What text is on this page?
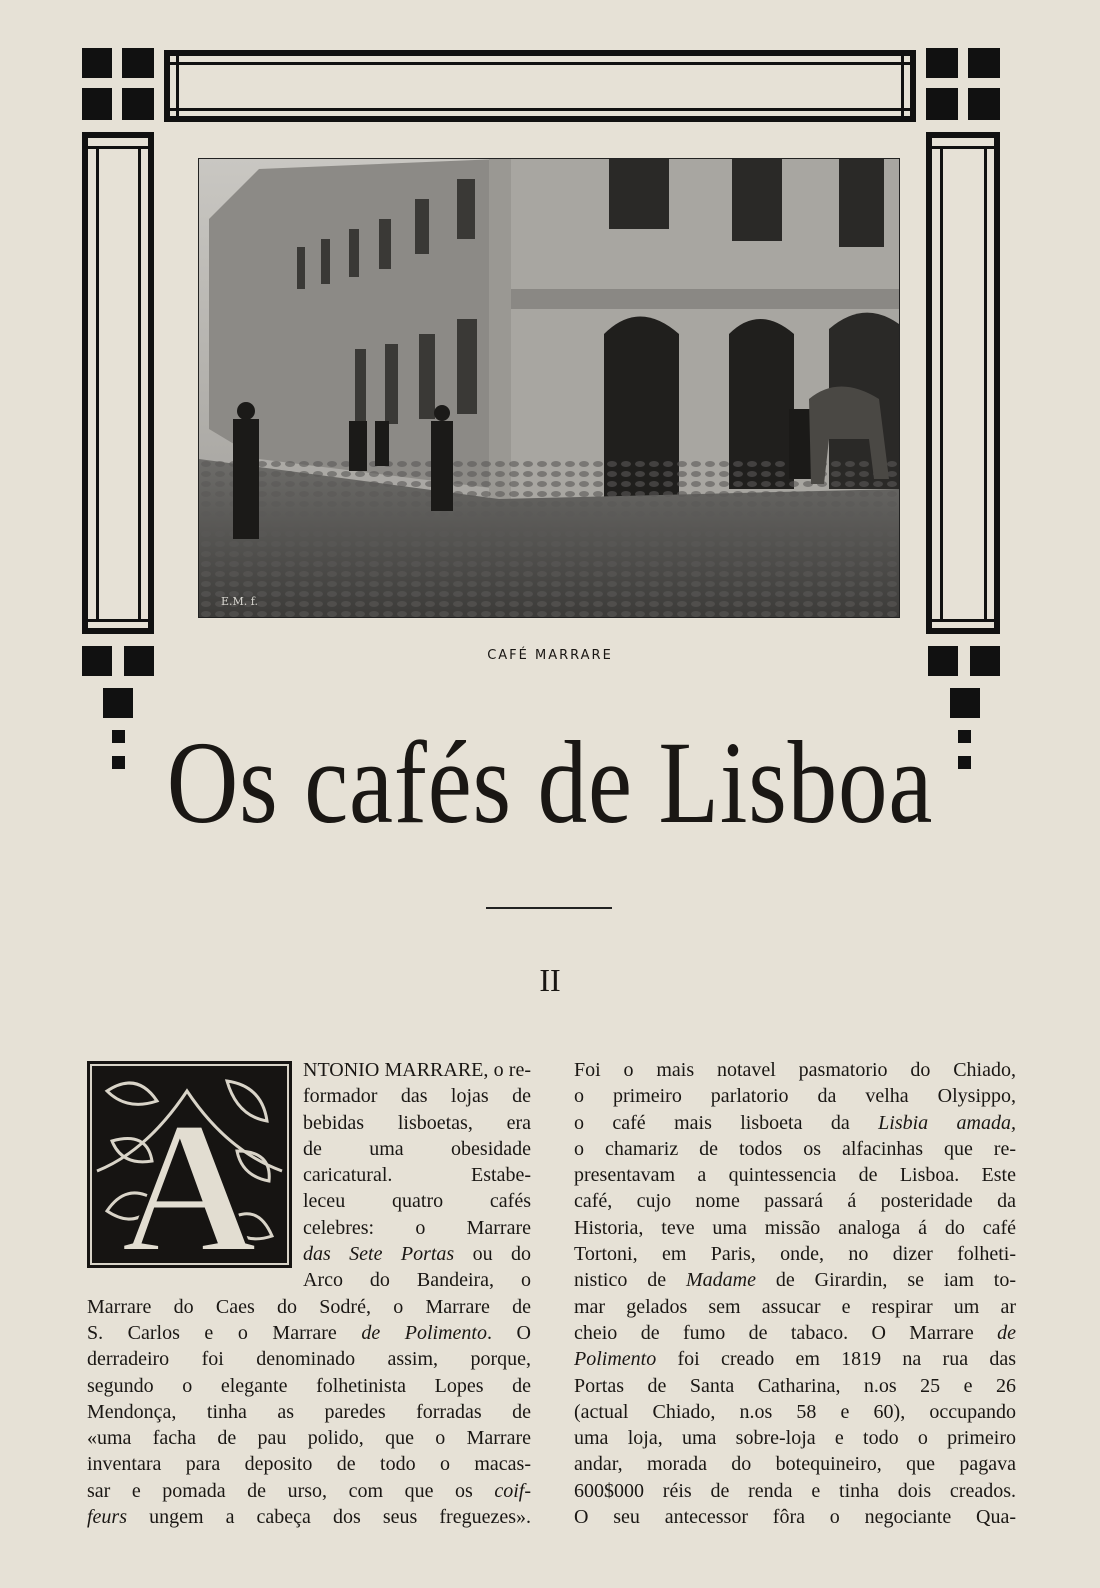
E.M. f.
CAFÉ MARRARE
Os cafés de Lisboa
II
A
NTONIO MARRARE, o re-
formador das lojas de
bebidas lisboetas, era
de uma obesidade
caricatural. Estabe-
leceu quatro cafés
celebres: o Marrare
das Sete Portas ou do
Arco do Bandeira, o
Marrare do Caes do Sodré, o Marrare de
S. Carlos e o Marrare de Polimento. O
derradeiro foi denominado assim, porque,
segundo o elegante folhetinista Lopes de
Mendonça, tinha as paredes forradas de
«uma facha de pau polido, que o Marrare
inventara para deposito de todo o macas-
sar e pomada de urso, com que os coif-
feurs ungem a cabeça dos seus freguezes».
Foi o mais notavel pasmatorio do Chiado,
o primeiro parlatorio da velha Olysippo,
o café mais lisboeta da Lisbia amada,
o chamariz de todos os alfacinhas que re-
presentavam a quintessencia de Lisboa. Este
café, cujo nome passará á posteridade da
Historia, teve uma missão analoga á do café
Tortoni, em Paris, onde, no dizer folheti-
nistico de Madame de Girardin, se iam to-
mar gelados sem assucar e respirar um ar
cheio de fumo de tabaco. O Marrare de
Polimento foi creado em 1819 na rua das
Portas de Santa Catharina, n.os 25 e 26
(actual Chiado, n.os 58 e 60), occupando
uma loja, uma sobre-loja e todo o primeiro
andar, morada do botequineiro, que pagava
600$000 réis de renda e tinha dois creados.
O seu antecessor fôra o negociante Qua-
